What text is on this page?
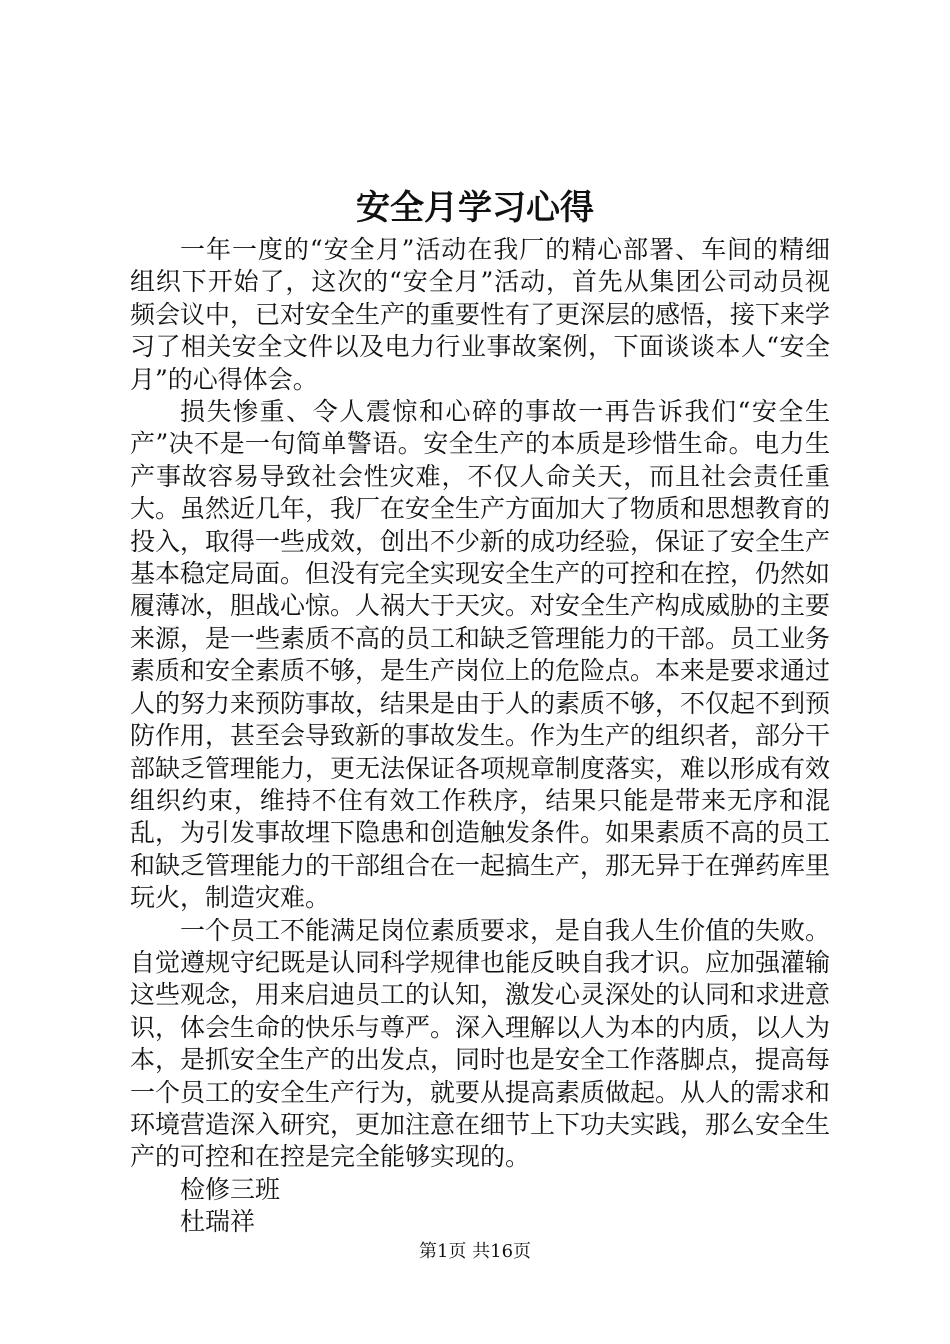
安全月学习心得

一年一度的“安全月”活动在我厂的精心部署、车间的精细组织下开始了，这次的“安全月”活动，首先从集团公司动员视频会议中，已对安全生产的重要性有了更深层的感悟，接下来学习了相关安全文件以及电力行业事故案例，下面谈谈本人“安全月”的心得体会。

损失惨重、令人震惊和心碎的事故一再告诉我们“安全生产”决不是一句简单警语。安全生产的本质是珍惜生命。电力生产事故容易导致社会性灾难，不仅人命关天，而且社会责任重大。虽然近几年，我厂在安全生产方面加大了物质和思想教育的投入，取得一些成效，创出不少新的成功经验，保证了安全生产基本稳定局面。但没有完全实现安全生产的可控和在控，仍然如履薄冰，胆战心惊。人祸大于天灾。对安全生产构成威胁的主要来源，是一些素质不高的员工和缺乏管理能力的干部。员工业务素质和安全素质不够，是生产岗位上的危险点。本来是要求通过人的努力来预防事故，结果是由于人的素质不够，不仅起不到预防作用，甚至会导致新的事故发生。作为生产的组织者，部分干部缺乏管理能力，更无法保证各项规章制度落实，难以形成有效组织约束，维持不住有效工作秩序，结果只能是带来无序和混乱，为引发事故埋下隐患和创造触发条件。如果素质不高的员工和缺乏管理能力的干部组合在一起搞生产，那无异于在弹药库里玩火，制造灾难。

一个员工不能满足岗位素质要求，是自我人生价值的失败。自觉遵规守纪既是认同科学规律也能反映自我才识。应加强灌输这些观念，用来启迪员工的认知，激发心灵深处的认同和求进意识，体会生命的快乐与尊严。深入理解以人为本的内质，以人为本，是抓安全生产的出发点，同时也是安全工作落脚点，提高每一个员工的安全生产行为，就要从提高素质做起。从人的需求和环境营造深入研究，更加注意在细节上下功夫实践，那么安全生产的可控和在控是完全能够实现的。

检修三班

杜瑞祥

第1页 共16页
